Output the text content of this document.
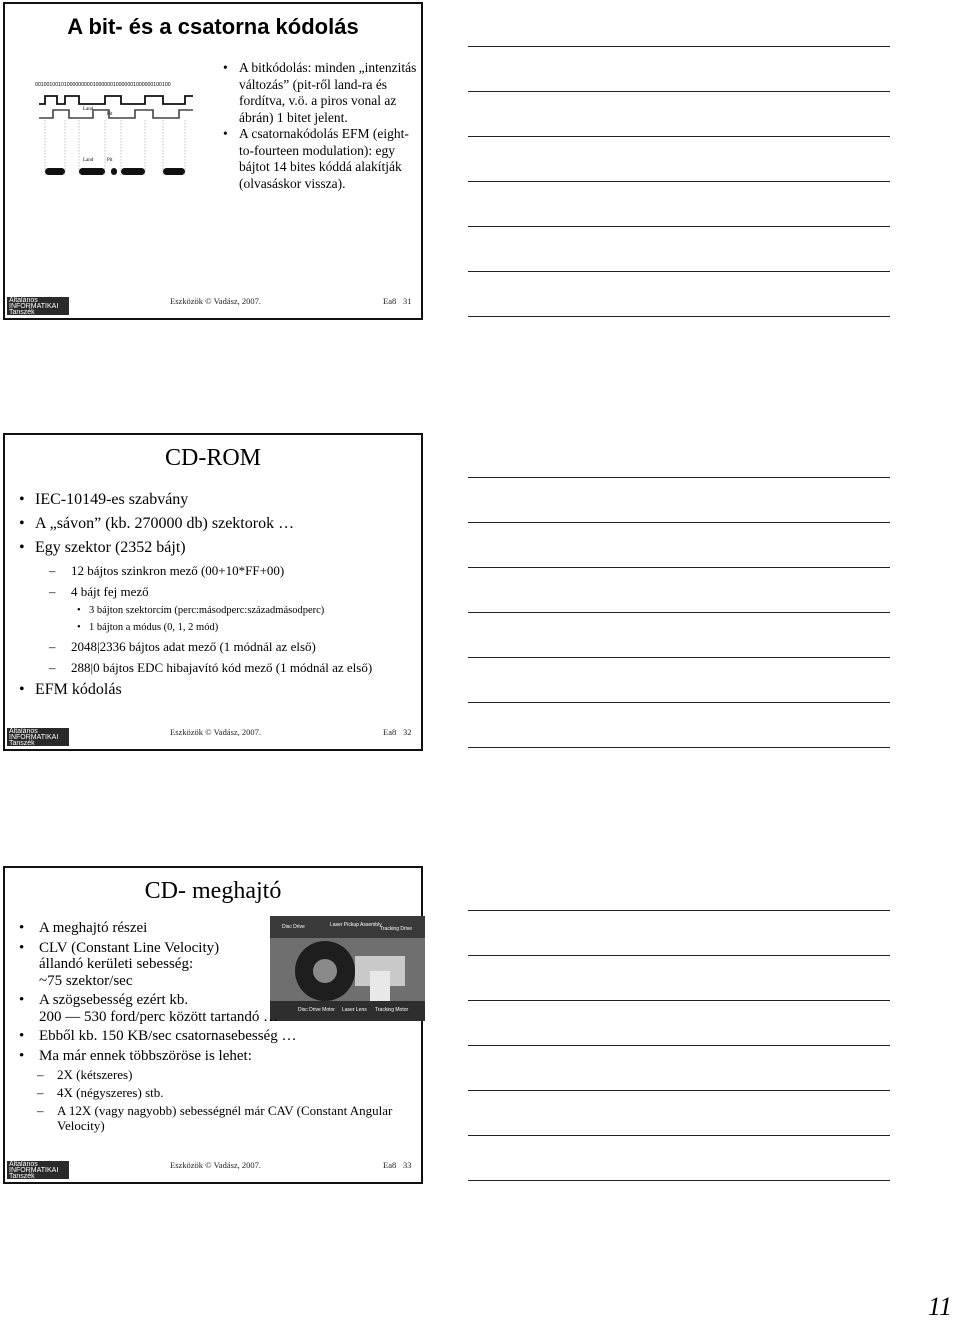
A bit- és a csatorna kódolás
00100100101000000000100000010000001000000100100
Land
Pit
Land	Pit
• A bitkódolás: minden „intenzitás változás” (pit-ről land-ra és fordítva, v.ö. a piros vonal az ábrán) 1 bitet jelent.
• A csatornakódolás EFM (eight-to-fourteen modulation): egy bájtot 14 bites kóddá alakítják (olvasáskor vissza).
Általános
INFORMATIKAI
Tanszék
Eszközök © Vadász, 2007.	Ea8 31
CD-ROM
• IEC-10149-es szabvány
• A „sávon” (kb. 270000 db) szektorok …
• Egy szektor (2352 bájt)
– 12 bájtos szinkron mező (00+10*FF+00)
– 4 bájt fej mező
• 3 bájton szektorcím (perc:másodperc:századmásodperc)
• 1 bájton a módus (0, 1, 2 mód)
– 2048|2336 bájtos adat mező (1 módnál az első)
– 288|0 bájtos EDC hibajavító kód mező (1 módnál az első)
• EFM kódolás
Általános
INFORMATIKAI
Tanszék
Eszközök © Vadász, 2007.	Ea8 32
CD- meghajtó
Disc Drive	Laser Pickup Assembly
Tracking Drive
Disc Drive Motor Laser Lens Tracking Motor
• A meghajtó részei
• CLV (Constant Line Velocity)
állandó kerületi sebesség:
~75 szektor/sec
• A szögsebesség ezért kb.
200 — 530 ford/perc között tartandó …
• Ebből kb. 150 KB/sec csatornasebesség …
• Ma már ennek többszöröse is lehet:
– 2X (kétszeres)
– 4X (négyszeres) stb.
– A 12X (vagy nagyobb) sebességnél már CAV (Constant Angular Velocity)
Általános
INFORMATIKAI
Tanszék
Eszközök © Vadász, 2007.	Ea8 33
11
